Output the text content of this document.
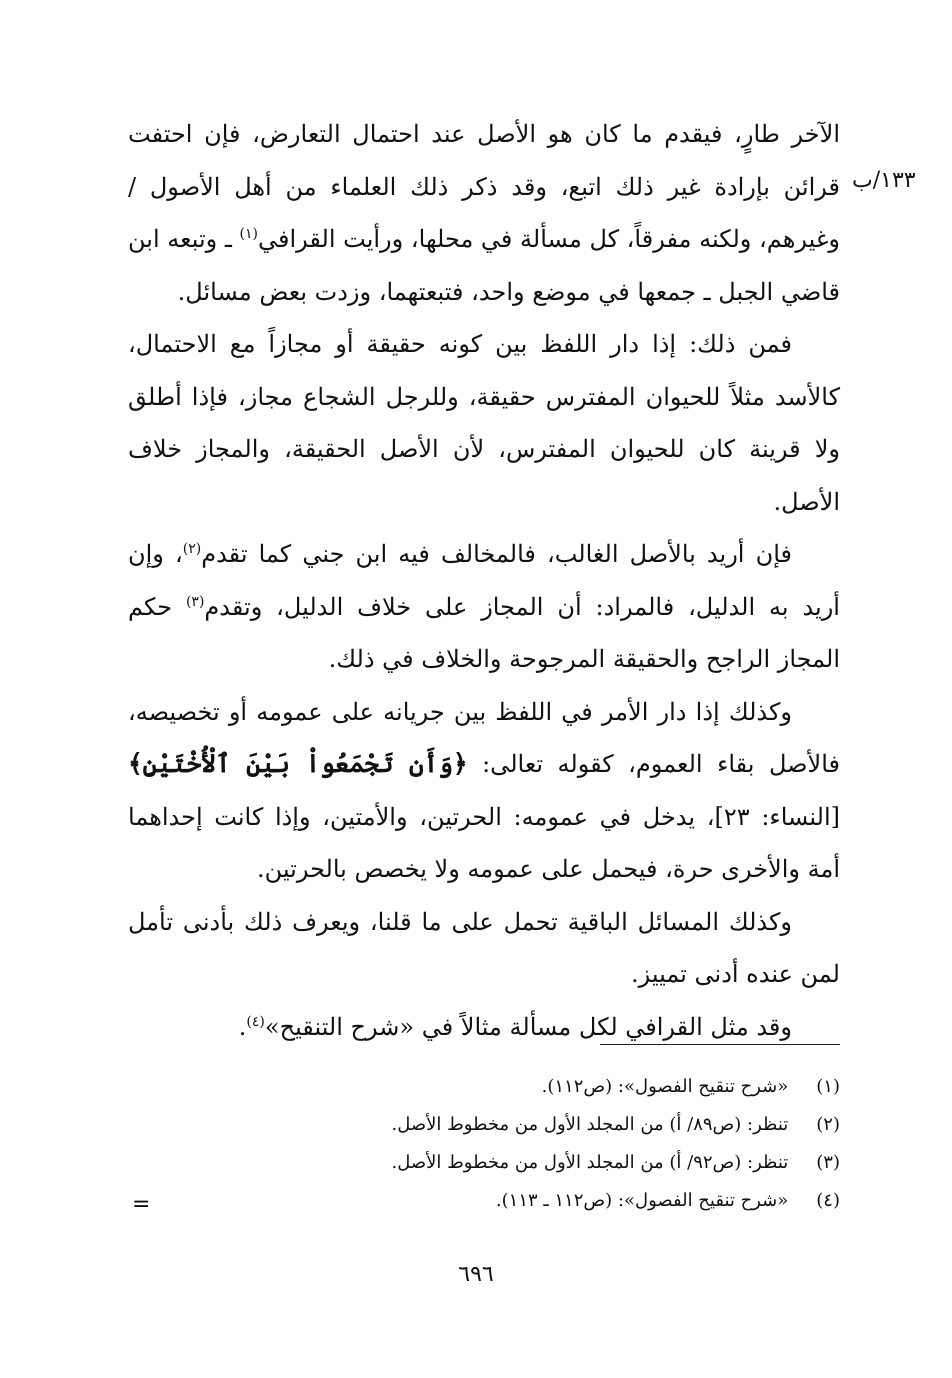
١٣٣/ب

الآخر طارٍ، فيقدم ما كان هو الأصل عند احتمال التعارض، فإن احتفت قرائن بإرادة غير ذلك اتبع، وقد ذكر ذلك العلماء من أهل الأصول / وغيرهم، ولكنه مفرقاً، كل مسألة في محلها، ورأيت القرافي$^{(١)}$ ـ وتبعه ابن قاضي الجبل ـ جمعها في موضع واحد، فتبعتهما، وزدت بعض مسائل.

فمن ذلك: إذا دار اللفظ بين كونه حقيقة أو مجازاً مع الاحتمال، كالأسد مثلاً للحيوان المفترس حقيقة، وللرجل الشجاع مجاز، فإذا أطلق ولا قرينة كان للحيوان المفترس، لأن الأصل الحقيقة، والمجاز خلاف الأصل.

فإن أريد بالأصل الغالب، فالمخالف فيه ابن جني كما تقدم$^{(٢)}$، وإن أريد به الدليل، فالمراد: أن المجاز على خلاف الدليل، وتقدم$^{(٣)}$ حكم المجاز الراجح والحقيقة المرجوحة والخلاف في ذلك.

وكذلك إذا دار الأمر في اللفظ بين جريانه على عمومه أو تخصيصه، فالأصل بقاء العموم، كقوله تعالى: ﴿وَأَن تَجْمَعُواْ بَيْنَ ٱلْأُخْتَيْنِ﴾ [النساء: ٢٣]، يدخل في عمومه: الحرتين، والأمتين، وإذا كانت إحداهما أمة والأخرى حرة، فيحمل على عمومه ولا يخصص بالحرتين.

وكذلك المسائل الباقية تحمل على ما قلنا، ويعرف ذلك بأدنى تأمل لمن عنده أدنى تمييز.

وقد مثل القرافي لكل مسألة مثالاً في «شرح التنقيح»$^{(٤)}$.

(١) «شرح تنقيح الفصول»: (ص١١٢).
(٢) تنظر: (ص٨٩/ أ) من المجلد الأول من مخطوط الأصل.
(٣) تنظر: (ص٩٢/ أ) من المجلد الأول من مخطوط الأصل.
(٤) «شرح تنقيح الفصول»: (ص١١٢ ـ ١١٣).
=
٦٩٦
